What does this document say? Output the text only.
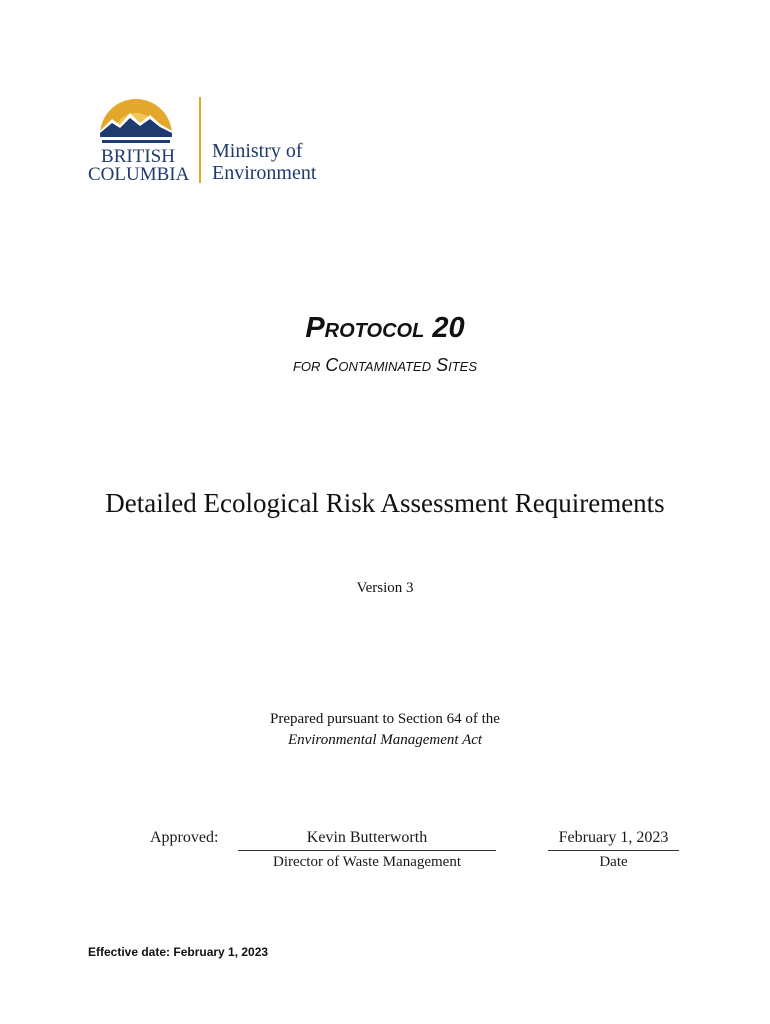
BRITISH
COLUMBIA
Ministry of
Environment
Protocol 20
for Contaminated Sites
Detailed Ecological Risk Assessment Requirements
Version 3
Prepared pursuant to Section 64 of the
Environmental Management Act
Approved:	Kevin Butterworth
Director of Waste Management
February 1, 2023
Date
Effective date: February 1, 2023
